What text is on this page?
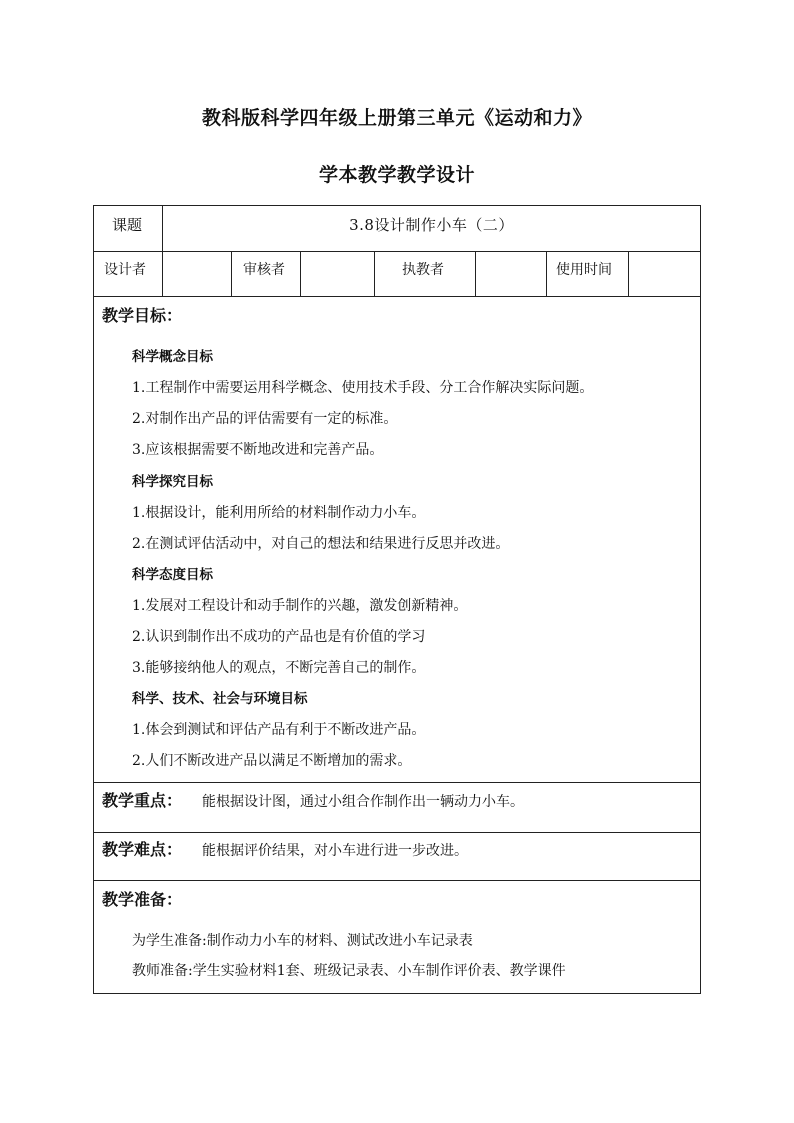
教科版科学四年级上册第三单元《运动和力》
学本教学教学设计
课题	3.8设计制作小车（二）
设计者	审核者	执教者	使用时间
教学目标：
科学概念目标
1.工程制作中需要运用科学概念、使用技术手段、分工合作解决实际问题。
2.对制作出产品的评估需要有一定的标准。
3.应该根据需要不断地改进和完善产品。
科学探究目标
1.根据设计，能利用所给的材料制作动力小车。
2.在测试评估活动中，对自己的想法和结果进行反思并改进。
科学态度目标
1.发展对工程设计和动手制作的兴趣，激发创新精神。
2.认识到制作出不成功的产品也是有价值的学习
3.能够接纳他人的观点，不断完善自己的制作。
科学、技术、社会与环境目标
1.体会到测试和评估产品有利于不断改进产品。
2.人们不断改进产品以满足不断增加的需求。
教学重点： 能根据设计图，通过小组合作制作出一辆动力小车。
教学难点： 能根据评价结果，对小车进行进一步改进。
教学准备：
为学生准备:制作动力小车的材料、测试改进小车记录表
教师准备:学生实验材料1套、班级记录表、小车制作评价表、教学课件
